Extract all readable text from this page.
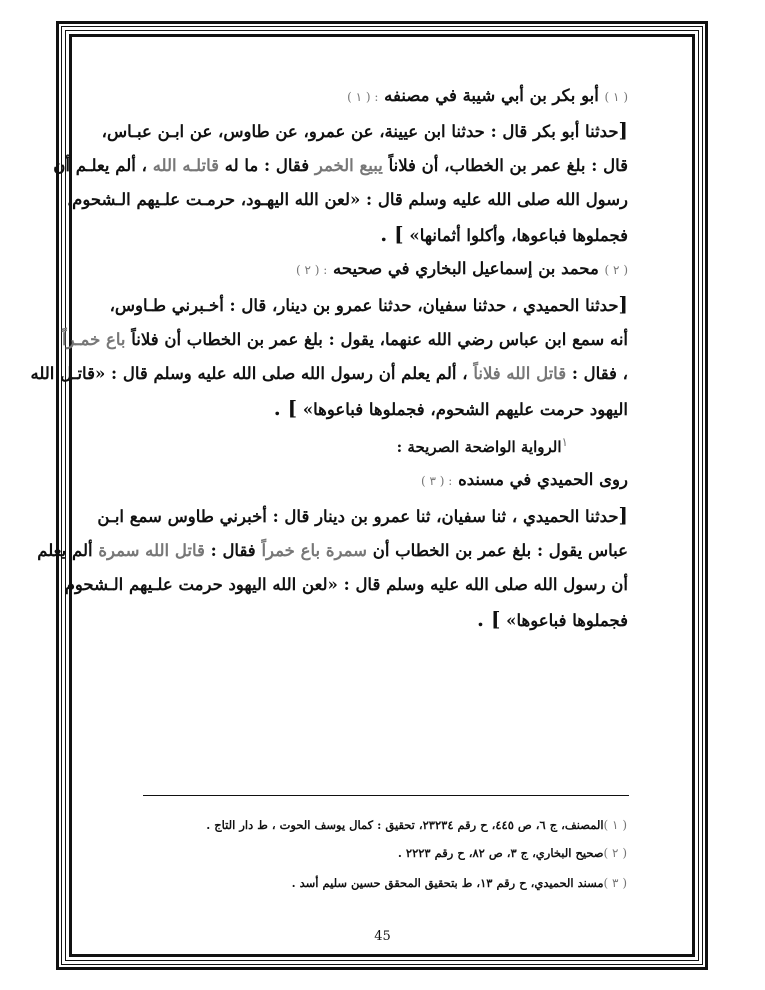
( ١ ) أبو بكر بن أبي شيبة في مصنفه : ( ١ )
[حدثنا أبو بكر قال : حدثنا ابن عيينة، عن عمرو، عن طاوس، عن ابـن عبـاس،
قال : بلغ عمر بن الخطاب، أن فلاناً يبيع الخمر فقال : ما له قاتلـه الله ، ألم يعلـم أن
رسول الله صلى الله عليه وسلم قال : «لعن الله اليهـود، حرمـت علـيهم الـشحوم،
فجملوها فباعوها، وأكلوا أثمانها» ] .
( ٢ ) محمد بن إسماعيل البخاري في صحيحه : ( ٢ )
[حدثنا الحميدي ، حدثنا سفيان، حدثنا عمرو بن دينار، قال : أخـبرني طـاوس،
أنه سمع ابن عباس رضي الله عنهما، يقول : بلغ عمر بن الخطاب أن فلاناً باع خمـراً
، فقال : قاتل الله فلاناً ، ألم يعلم أن رسول الله صلى الله عليه وسلم قال : «قاتـل الله
اليهود حرمت عليهم الشحوم، فجملوها فباعوها» ] .
$^١$الرواية الواضحة الصريحة :
روى الحميدي في مسنده : ( ٣ )
[حدثنا الحميدي ، ثنا سفيان، ثنا عمرو بن دينار قال : أخبرني طاوس سمع ابـن
عباس يقول : بلغ عمر بن الخطاب أن سمرة باع خمراً فقال : قاتل الله سمرة ألم يعلم
أن رسول الله صلى الله عليه وسلم قال : «لعن الله اليهود حرمت علـيهم الـشحوم
فجملوها فباعوها» ] .
( ١ )المصنف، ج ٦، ص ٤٤٥، ح رقم ٢٣٢٣٤، تحقيق : كمال يوسف الحوت ، ط دار التاج .
( ٢ )صحيح البخاري، ج ٣، ص ٨٢، ح رقم ٢٢٢٣ .
( ٣ )مسند الحميدي، ح رقم ١٣، ط بتحقيق المحقق حسين سليم أسد .
45
